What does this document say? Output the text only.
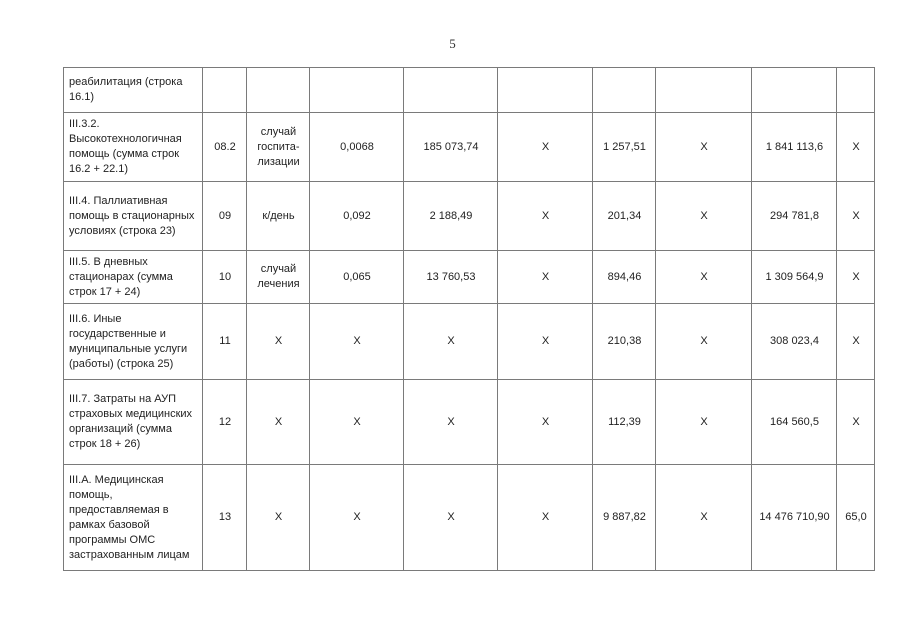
5
реабилитация (строка 16.1)									
III.3.2. Высокотехнологичная помощь (сумма строк 16.2 + 22.1)	08.2	случай госпита-лизации	0,0068	185 073,74	Х	1 257,51	Х	1 841 113,6	Х
III.4. Паллиативная помощь в стационарных условиях (строка 23)	09	к/день	0,092	2 188,49	Х	201,34	Х	294 781,8	Х
III.5. В дневных стационарах (сумма строк 17 + 24)	10	случай лечения	0,065	13 760,53	Х	894,46	Х	1 309 564,9	Х
III.6. Иные государственные и муниципальные услуги (работы) (строка 25)	11	Х	Х	Х	Х	210,38	Х	308 023,4	Х
III.7. Затраты на АУП страховых медицинских организаций (сумма строк 18 + 26)	12	Х	Х	Х	Х	112,39	Х	164 560,5	Х
III.А. Медицинская помощь, предоставляемая в рамках базовой программы ОМС застрахованным лицам	13	Х	Х	Х	Х	9 887,82	Х	14 476 710,90	65,0
